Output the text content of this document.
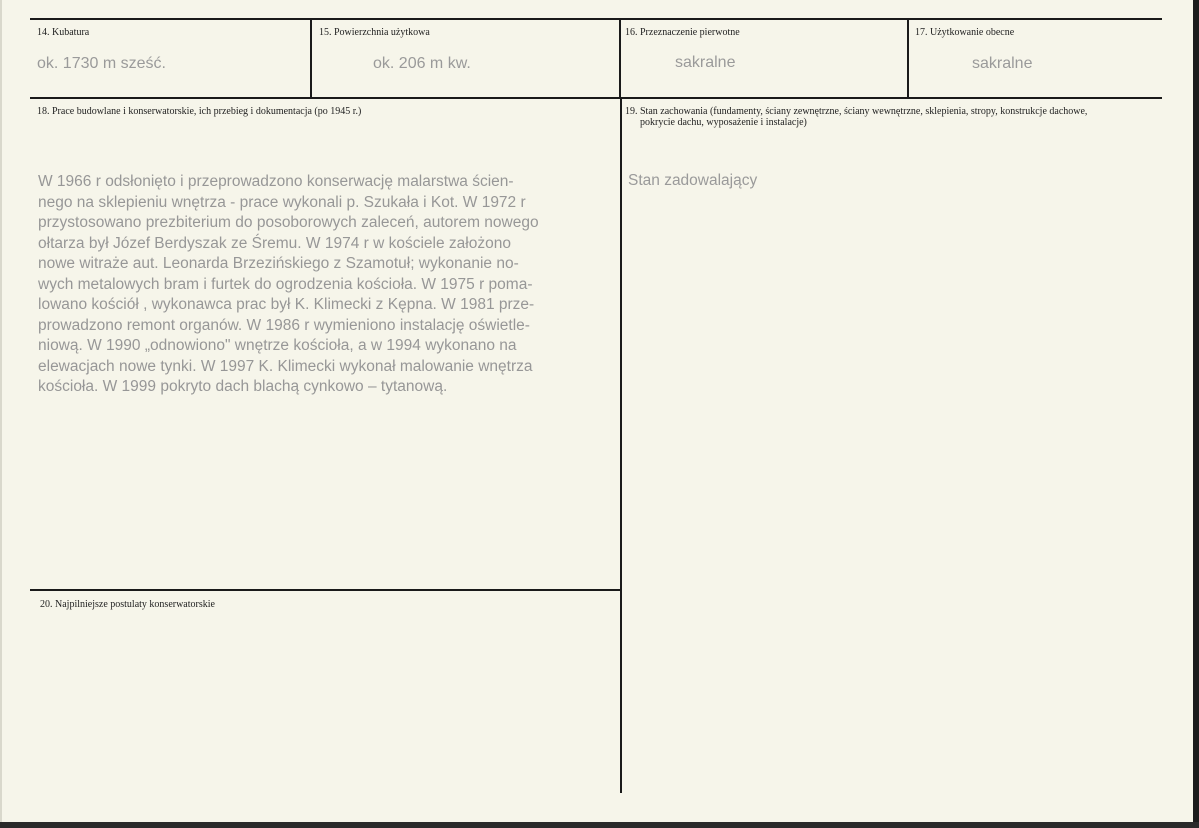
14. Kubatura
ok. 1730 m sześć.
15. Powierzchnia użytkowa
ok. 206 m kw.
16. Przeznaczenie pierwotne
sakralne
17. Użytkowanie obecne
sakralne
18. Prace budowlane i konserwatorskie, ich przebieg i dokumentacja (po 1945 r.)
W 1966 r odsłonięto i przeprowadzono konserwację malarstwa ścien-
nego na sklepieniu wnętrza - prace wykonali p. Szukała i Kot. W 1972 r
przystosowano prezbiterium do posoborowych zaleceń, autorem nowego
ołtarza był Józef Berdyszak ze Śremu. W 1974 r w kościele założono
nowe witraże aut. Leonarda Brzezińskiego z Szamotuł; wykonanie no-
wych metalowych bram i furtek do ogrodzenia kościoła. W 1975 r poma-
lowano kościół , wykonawca prac był K. Klimecki z Kępna. W 1981 prze-
prowadzono remont organów. W 1986 r wymieniono instalację oświetle-
niową. W 1990 „odnowiono" wnętrze kościoła, a w 1994 wykonano na
elewacjach nowe tynki. W 1997 K. Klimecki wykonał malowanie wnętrza
kościoła. W 1999 pokryto dach blachą cynkowo – tytanową.
19. Stan zachowania (fundamenty, ściany zewnętrzne, ściany wewnętrzne, sklepienia, stropy, konstrukcje dachowe,
pokrycie dachu, wyposażenie i instalacje)
Stan zadowalający
20. Najpilniejsze postulaty konserwatorskie
